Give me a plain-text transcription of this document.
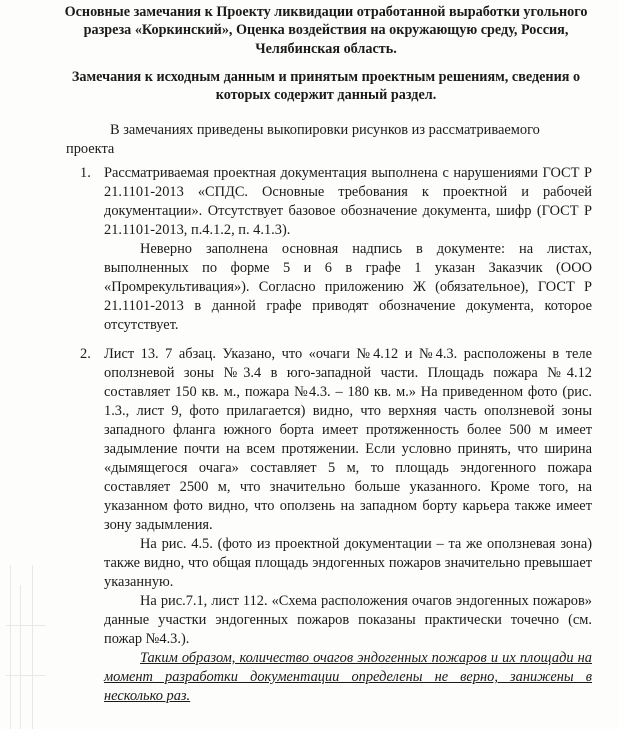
Основные замечания к Проекту ликвидации отработанной выработки угольного разреза «Коркинский», Оценка воздействия на окружающую среду, Россия, Челябинская область.
Замечания к исходным данным и принятым проектным решениям, сведения о которых содержит данный раздел.
В замечаниях приведены выкопировки рисунков из рассматриваемого проекта
1. Рассматриваемая проектная документация выполнена с нарушениями ГОСТ Р 21.1101-2013 «СПДС. Основные требования к проектной и рабочей документации». Отсутствует базовое обозначение документа, шифр (ГОСТ Р 21.1101-2013, п.4.1.2, п. 4.1.3).

Неверно заполнена основная надпись в документе: на листах, выполненных по форме 5 и 6 в графе 1 указан Заказчик (ООО «Промрекультивация»). Согласно приложению Ж (обязательное), ГОСТ Р 21.1101-2013 в данной графе приводят обозначение документа, которое отсутствует.

2. Лист 13. 7 абзац. Указано, что «очаги №4.12 и №4.3. расположены в теле оползневой зоны №3.4 в юго-западной части. Площадь пожара №4.12 составляет 150 кв. м., пожара №4.3. – 180 кв. м.» На приведенном фото (рис. 1.3., лист 9, фото прилагается) видно, что верхняя часть оползневой зоны западного фланга южного борта имеет протяженность более 500 м имеет задымление почти на всем протяжении. Если условно принять, что ширина «дымящегося очага» составляет 5 м, то площадь эндогенного пожара составляет 2500 м, что значительно больше указанного. Кроме того, на указанном фото видно, что оползень на западном борту карьера также имеет зону задымления.

На рис. 4.5. (фото из проектной документации – та же оползневая зона) также видно, что общая площадь эндогенных пожаров значительно превышает указанную.

На рис.7.1, лист 112. «Схема расположения очагов эндогенных пожаров» данные участки эндогенных пожаров показаны практически точечно (см. пожар №4.3.).

Таким образом, количество очагов эндогенных пожаров и их площади на момент разработки документации определены не верно, занижены в несколько раз.
